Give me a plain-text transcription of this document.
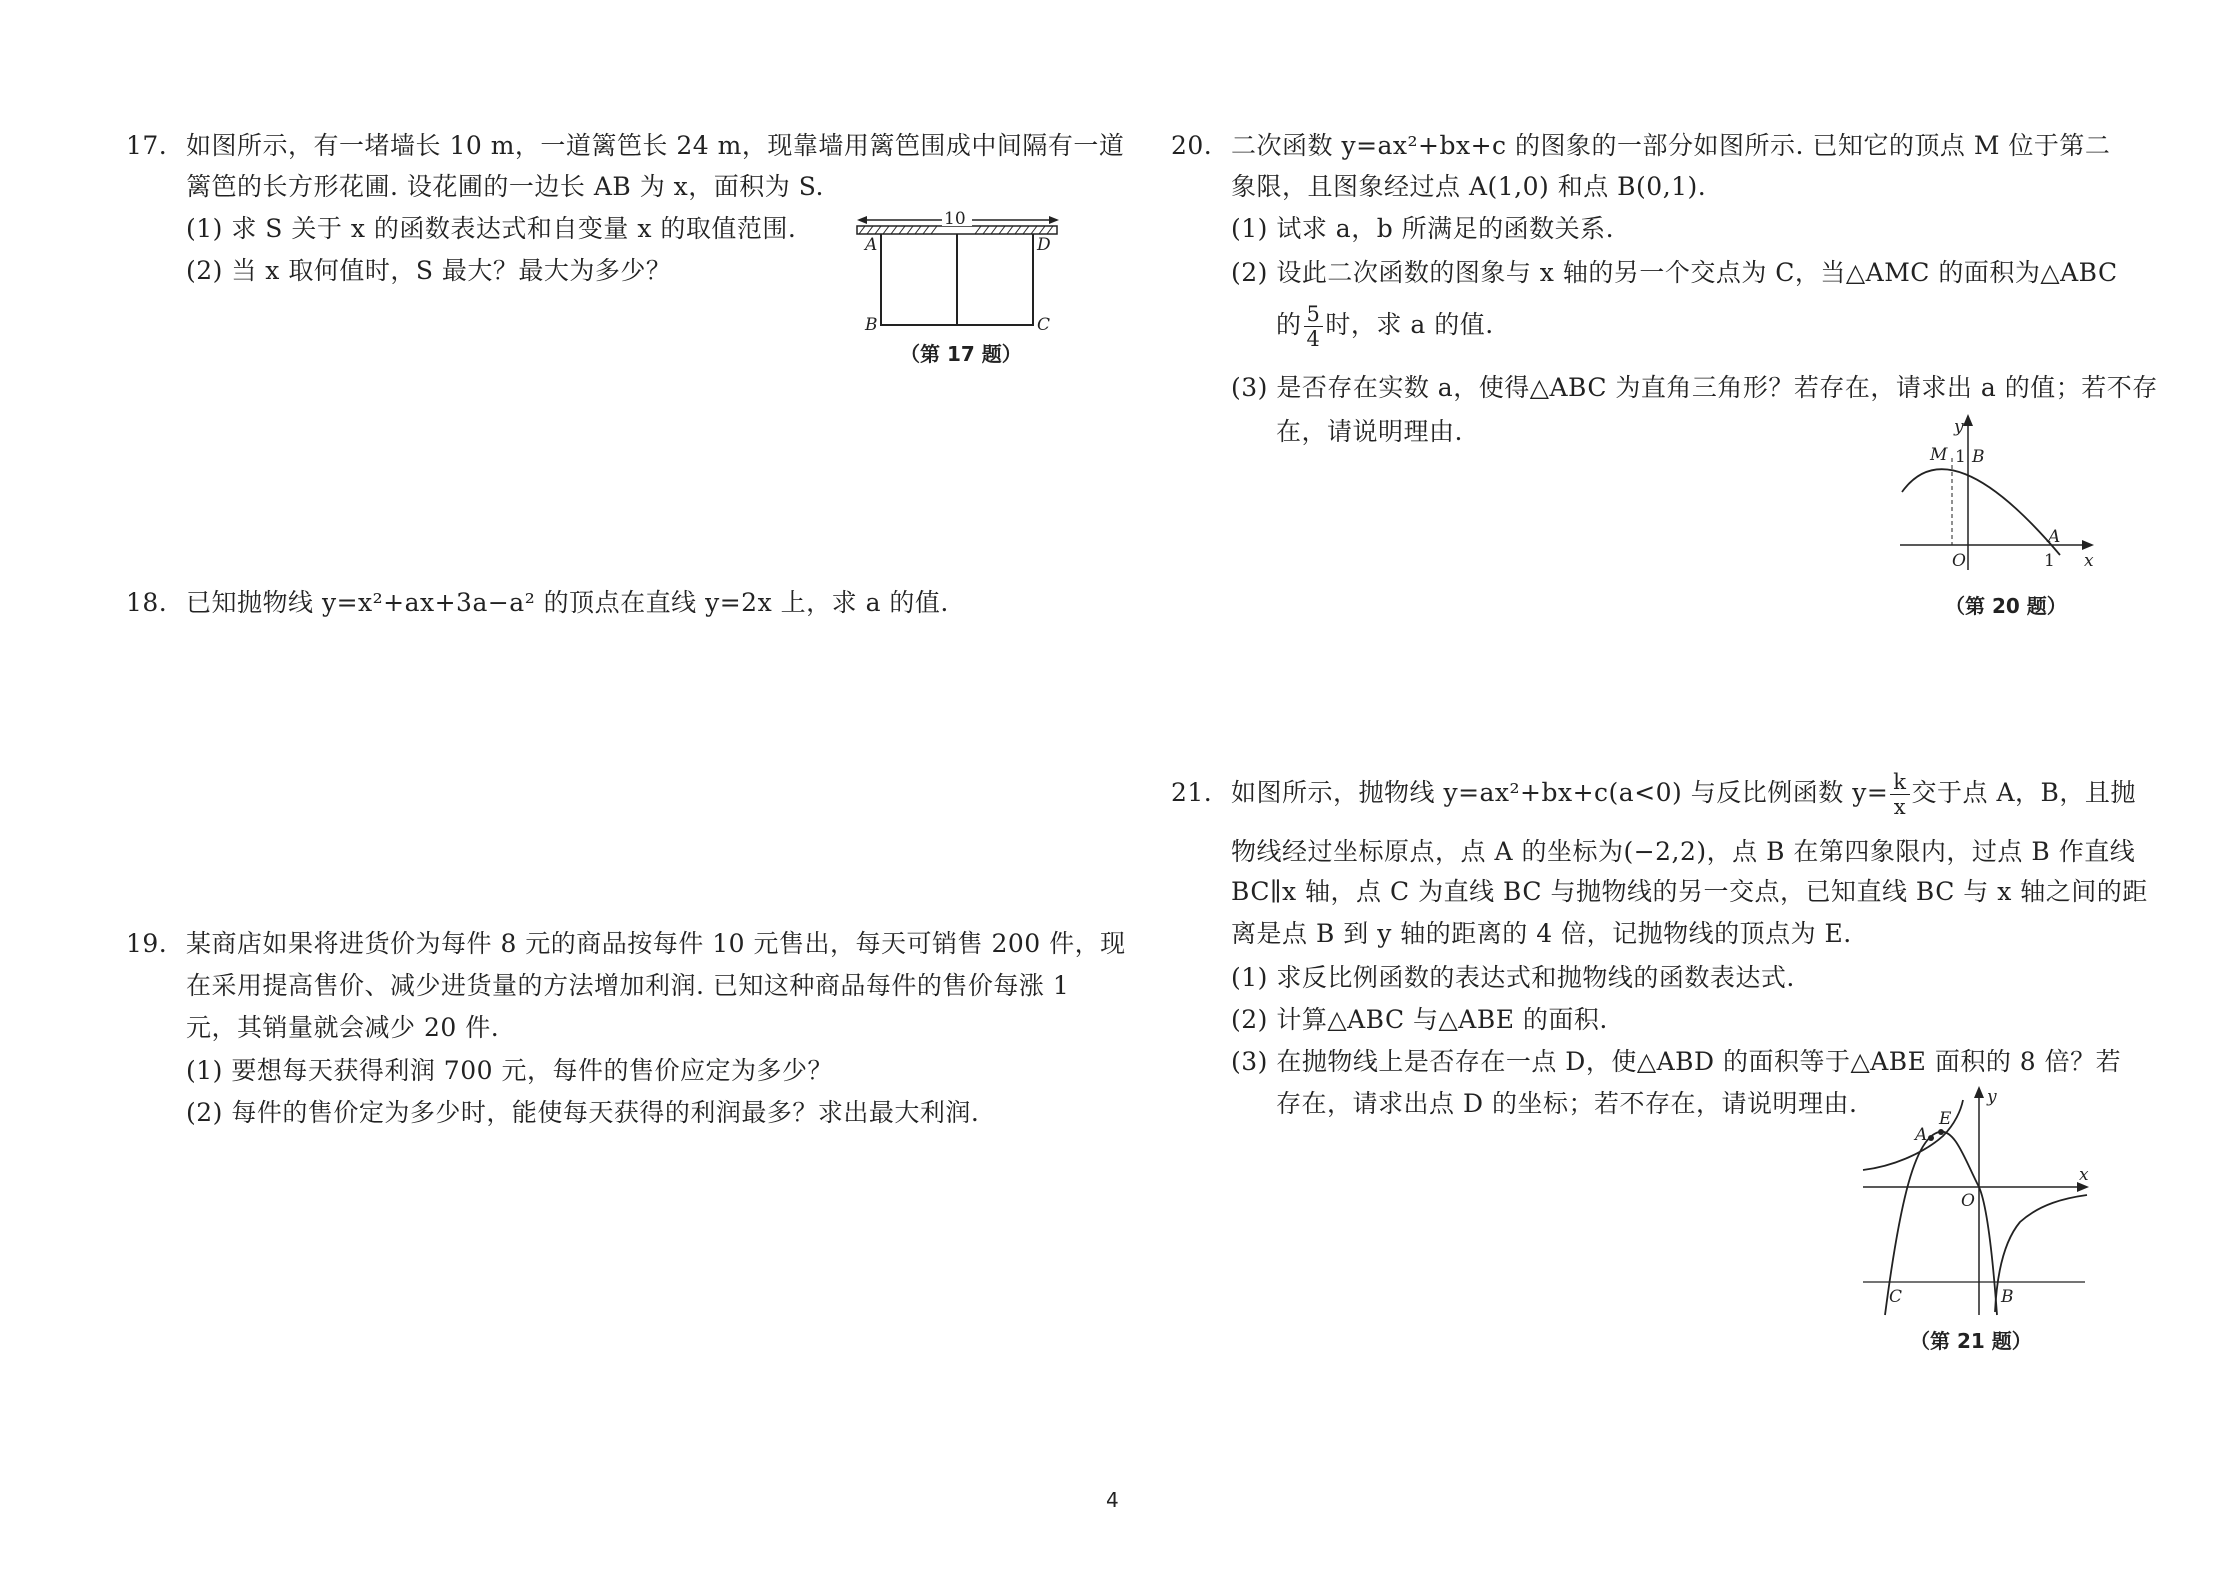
17. 如图所示，有一堵墙长 10 m，一道篱笆长 24 m，现靠墙用篱笆围成中间隔有一道
篱笆的长方形花圃. 设花圃的一边长 AB 为 x，面积为 S.
(1) 求 S 关于 x 的函数表达式和自变量 x 的取值范围.
(2) 当 x 取何值时，S 最大？最大为多少？
10
A	D
B	C
（第 17 题）
18. 已知抛物线 y=x²+ax+3a−a² 的顶点在直线 y=2x 上，求 a 的值.
19. 某商店如果将进货价为每件 8 元的商品按每件 10 元售出，每天可销售 200 件，现
在采用提高售价、减少进货量的方法增加利润. 已知这种商品每件的售价每涨 1
元，其销量就会减少 20 件.
(1) 要想每天获得利润 700 元，每件的售价应定为多少？
(2) 每件的售价定为多少时，能使每天获得的利润最多？求出最大利润.
20. 二次函数 y=ax²+bx+c 的图象的一部分如图所示. 已知它的顶点 M 位于第二
象限，且图象经过点 A(1,0) 和点 B(0,1).
(1) 试求 a，b 所满足的函数关系.
(2) 设此二次函数的图象与 x 轴的另一个交点为 C，当△AMC 的面积为△ABC
的 $\frac{5}{4}$ 时，求 a 的值.
(3) 是否存在实数 a，使得△ABC 为直角三角形？若存在，请求出 a 的值；若不存
在，请说明理由.	y
x
M 1 B
O
A
1
（第 20 题）
21. 如图所示，抛物线 y=ax²+bx+c(a<0) 与反比例函数 $y= \frac{k}{x}$ 交于点 A，B，且抛
物线经过坐标原点，点 A 的坐标为(−2,2)，点 B 在第四象限内，过点 B 作直线
BC∥x 轴，点 C 为直线 BC 与抛物线的另一交点，已知直线 BC 与 x 轴之间的距
离是点 B 到 y 轴的距离的 4 倍，记抛物线的顶点为 E.
(1) 求反比例函数的表达式和抛物线的函数表达式.
(2) 计算△ABC 与△ABE 的面积.
(3) 在抛物线上是否存在一点 D，使△ABD 的面积等于△ABE 面积的 8 倍？若
存在，请求出点 D 的坐标；若不存在，请说明理由.	y
x
A
E
O
C	B
（第 21 题）
4
